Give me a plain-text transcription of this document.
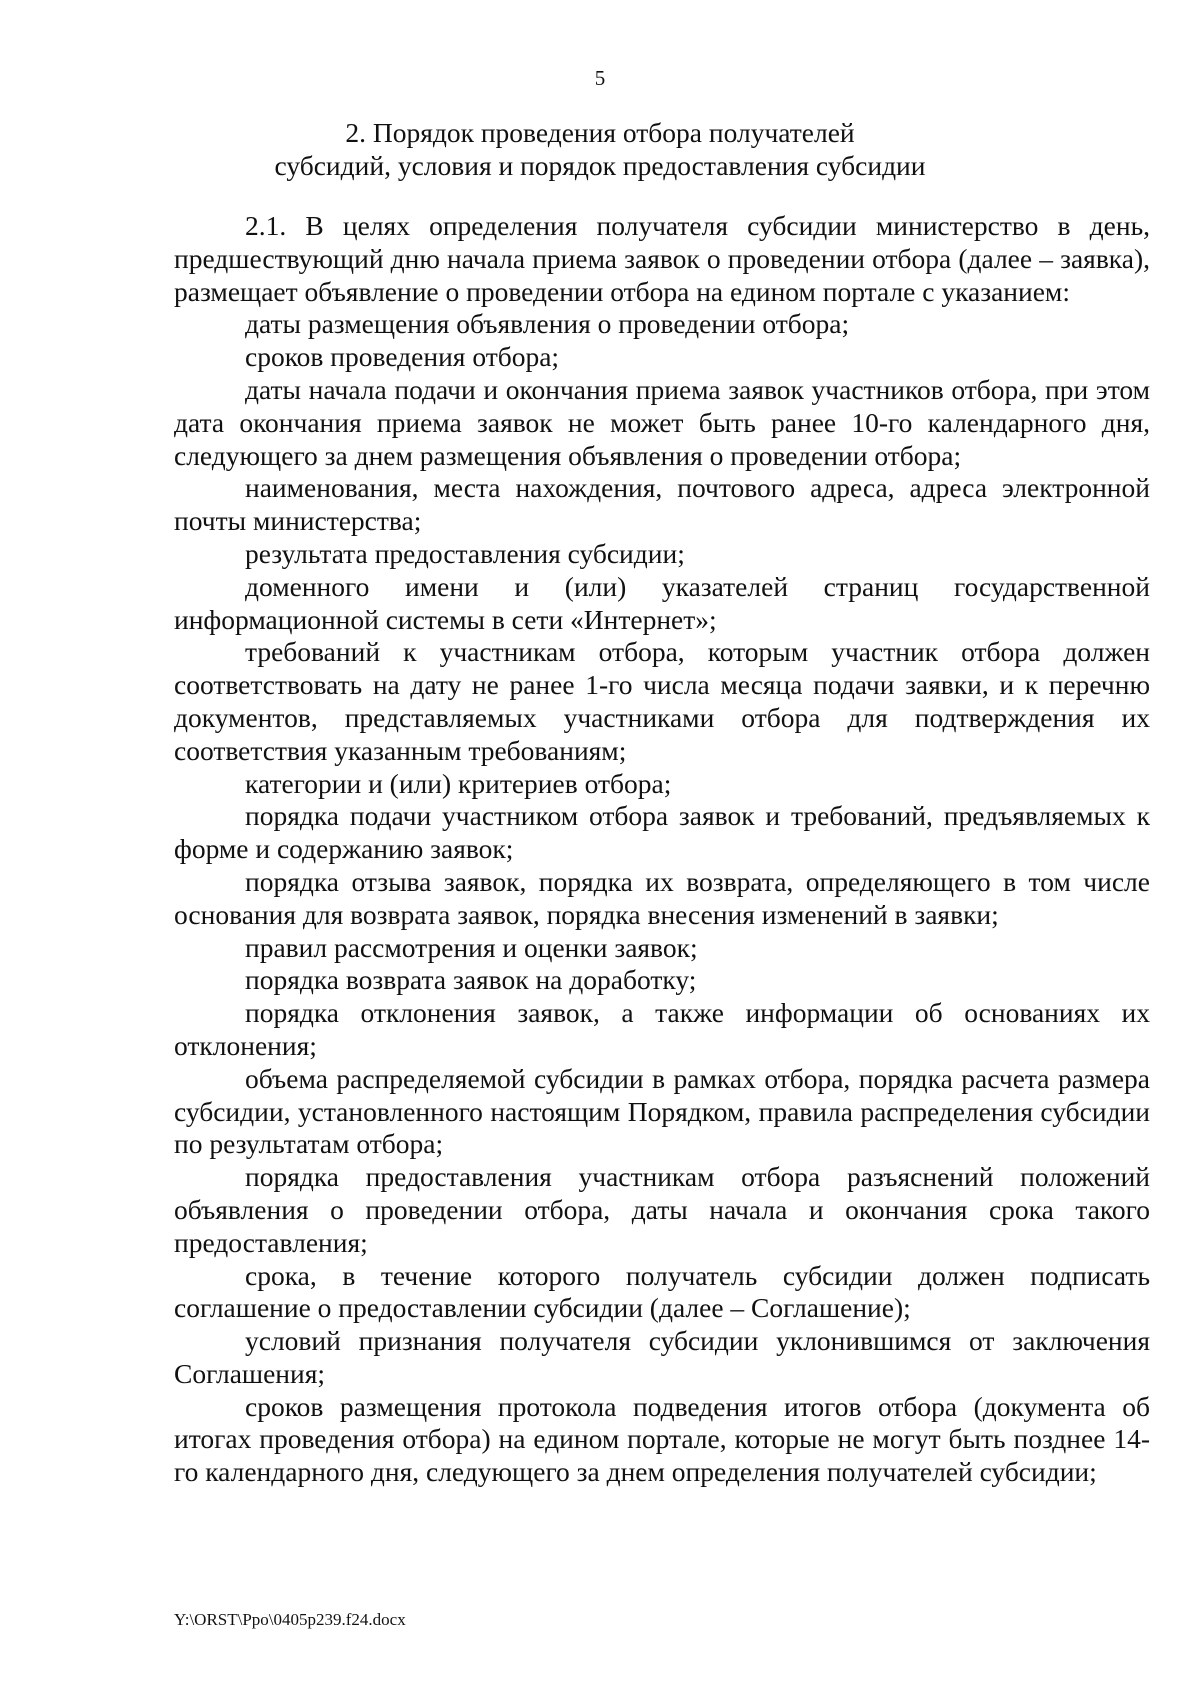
5
2. Порядок проведения отбора получателей
субсидий, условия и порядок предоставления субсидии

2.1. В целях определения получателя субсидии министерство в день, предшествующий дню начала приема заявок о проведении отбора (далее – заявка), размещает объявление о проведении отбора на едином портале с указанием:

даты размещения объявления о проведении отбора;

сроков проведения отбора;

даты начала подачи и окончания приема заявок участников отбора, при этом дата окончания приема заявок не может быть ранее 10-го календарного дня, следующего за днем размещения объявления о проведении отбора;

наименования, места нахождения, почтового адреса, адреса электронной почты министерства;

результата предоставления субсидии;

доменного имени и (или) указателей страниц государственной информационной системы в сети «Интернет»;

требований к участникам отбора, которым участник отбора должен соответствовать на дату не ранее 1-го числа месяца подачи заявки, и к перечню документов, представляемых участниками отбора для подтверждения их соответствия указанным требованиям;

категории и (или) критериев отбора;

порядка подачи участником отбора заявок и требований, предъявляемых к форме и содержанию заявок;

порядка отзыва заявок, порядка их возврата, определяющего в том числе основания для возврата заявок, порядка внесения изменений в заявки;

правил рассмотрения и оценки заявок;

порядка возврата заявок на доработку;

порядка отклонения заявок, а также информации об основаниях их отклонения;

объема распределяемой субсидии в рамках отбора, порядка расчета размера субсидии, установленного настоящим Порядком, правила распределения субсидии по результатам отбора;

порядка предоставления участникам отбора разъяснений положений объявления о проведении отбора, даты начала и окончания срока такого предоставления;

срока, в течение которого получатель субсидии должен подписать соглашение о предоставлении субсидии (далее – Соглашение);

условий признания получателя субсидии уклонившимся от заключения Соглашения;

сроков размещения протокола подведения итогов отбора (документа об итогах проведения отбора) на едином портале, которые не могут быть позднее 14-го календарного дня, следующего за днем определения получателей субсидии;

Y:\ORST\Ppo\0405p239.f24.docx
